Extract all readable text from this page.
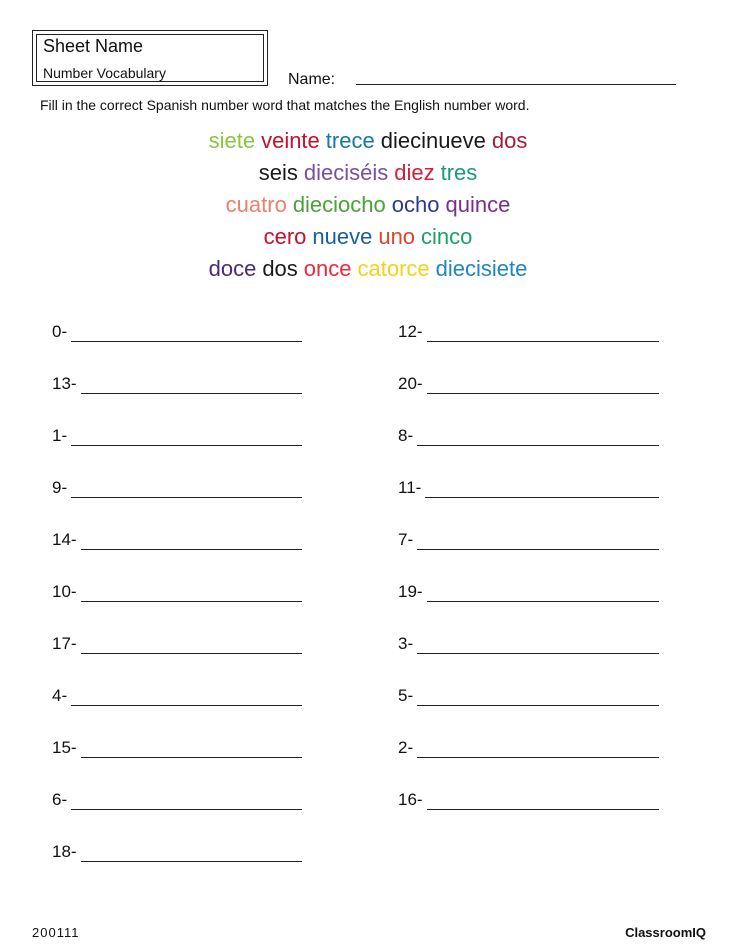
Sheet Name
Number Vocabulary	Name:
Fill in the correct Spanish number word that matches the English number word.
siete veinte trece diecinueve dos
seis dieciséis diez tres
cuatro dieciocho ocho quince
cero nueve uno cinco
doce dos once catorce diecisiete
0-
13-
1-
9-
14-
10-
17-
4-
15-
6-
18-
12-
20-
8-
11-
7-
19-
3-
5-
2-
16-
200111	ClassroomIQ
